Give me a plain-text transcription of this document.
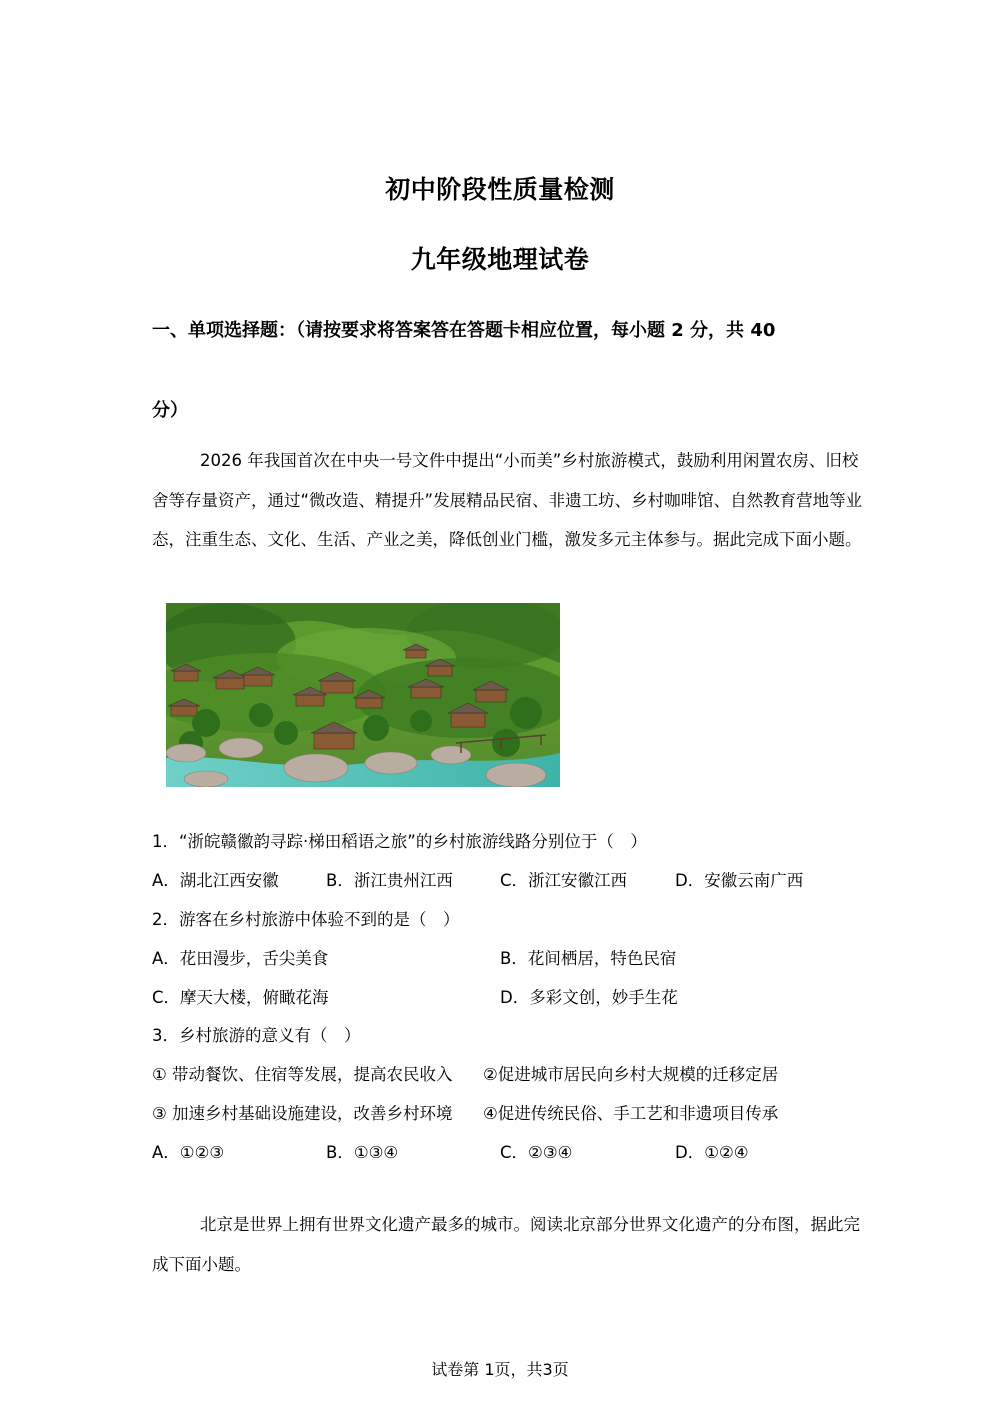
初中阶段性质量检测
九年级地理试卷
一、单项选择题：（请按要求将答案答在答题卡相应位置，每小题 2 分，共 40
分）
2026 年我国首次在中央一号文件中提出“小而美”乡村旅游模式，鼓励利用闲置农房、旧校舍等存量资产，通过“微改造、精提升”发展精品民宿、非遗工坊、乡村咖啡馆、自然教育营地等业态，注重生态、文化、生活、产业之美，降低创业门槛，激发多元主体参与。据此完成下面小题。
1．“浙皖赣徽韵寻踪·梯田稻语之旅”的乡村旅游线路分别位于（　）
A．湖北江西安徽	B．浙江贵州江西	C．浙江安徽江西	D．安徽云南广西
2．游客在乡村旅游中体验不到的是（　）
A．花田漫步，舌尖美食	B．花间栖居，特色民宿
C．摩天大楼，俯瞰花海	D．多彩文创，妙手生花
3．乡村旅游的意义有（　）
① 带动餐饮、住宿等发展，提高农民收入 ②促进城市居民向乡村大规模的迁移定居
③ 加速乡村基础设施建设，改善乡村环境 ④促进传统民俗、手工艺和非遗项目传承
A．①②③	B．①③④	C．②③④	D．①②④
北京是世界上拥有世界文化遗产最多的城市。阅读北京部分世界文化遗产的分布图，据此完成下面小题。
试卷第 1页，共3页
